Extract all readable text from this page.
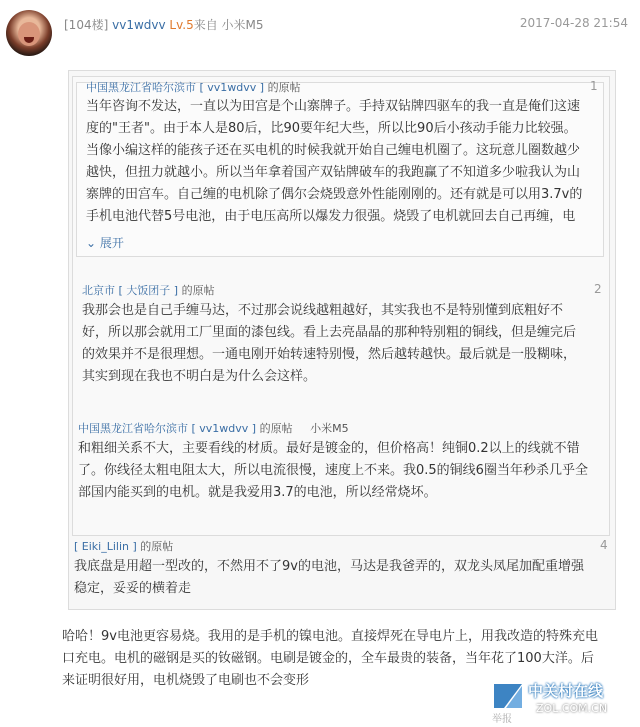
[104楼] vv1wdvv Lv.5来自 小米M5	2017-04-28 21:54
中国黑龙江省哈尔滨市 [ vv1wdvv ] 的原帖	1
当年咨询不发达，一直以为田宫是个山寨牌子。手持双钻牌四驱车的我一直是俺们这速
度的"王者"。由于本人是80后，比90要年纪大些，所以比90后小孩动手能力比较强。
当像小编这样的能孩子还在买电机的时候我就开始自己缠电机圈了。这玩意儿圈数越少
越快，但扭力就越小。所以当年拿着国产双钻牌破车的我跑赢了不知道多少啦我认为山
寨牌的田宫车。自己缠的电机除了偶尔会烧毁意外性能刚刚的。还有就是可以用3.7v的
手机电池代替5号电池，由于电压高所以爆发力很强。烧毁了电机就回去自己再缠，电
⌄ 展开
北京市 [ 大饭团子 ] 的原帖	2
我那会也是自己手缠马达，不过那会说线越粗越好，其实我也不是特别懂到底粗好不
好，所以那会就用工厂里面的漆包线。看上去亮晶晶的那种特别粗的铜线，但是缠完后
的效果并不是很理想。一通电刚开始转速特别慢，然后越转越快。最后就是一股糊味，
其实到现在我也不明白是为什么会这样。
中国黑龙江省哈尔滨市 [ vv1wdvv ] 的原帖 小米M5
和粗细关系不大，主要看线的材质。最好是镀金的，但价格高！纯铜0.2以上的线就不错
了。你线径太粗电阻太大，所以电流很慢，速度上不来。我0.5的铜线6圈当年秒杀几乎全
部国内能买到的电机。就是我爱用3.7的电池，所以经常烧坏。
[ Eiki_Lilin ] 的原帖	4
我底盘是用超一型改的，不然用不了9v的电池，马达是我爸弄的，双龙头凤尾加配重增强
稳定，妥妥的横着走
哈哈！9v电池更容易烧。我用的是手机的镍电池。直接焊死在导电片上，用我改造的特殊充电
口充电。电机的磁钢是买的钕磁钢。电刷是镀金的，全车最贵的装备，当年花了100大洋。后
来证明很好用，电机烧毁了电刷也不会变形
中关村在线
ZOL.COM.CN
举报
